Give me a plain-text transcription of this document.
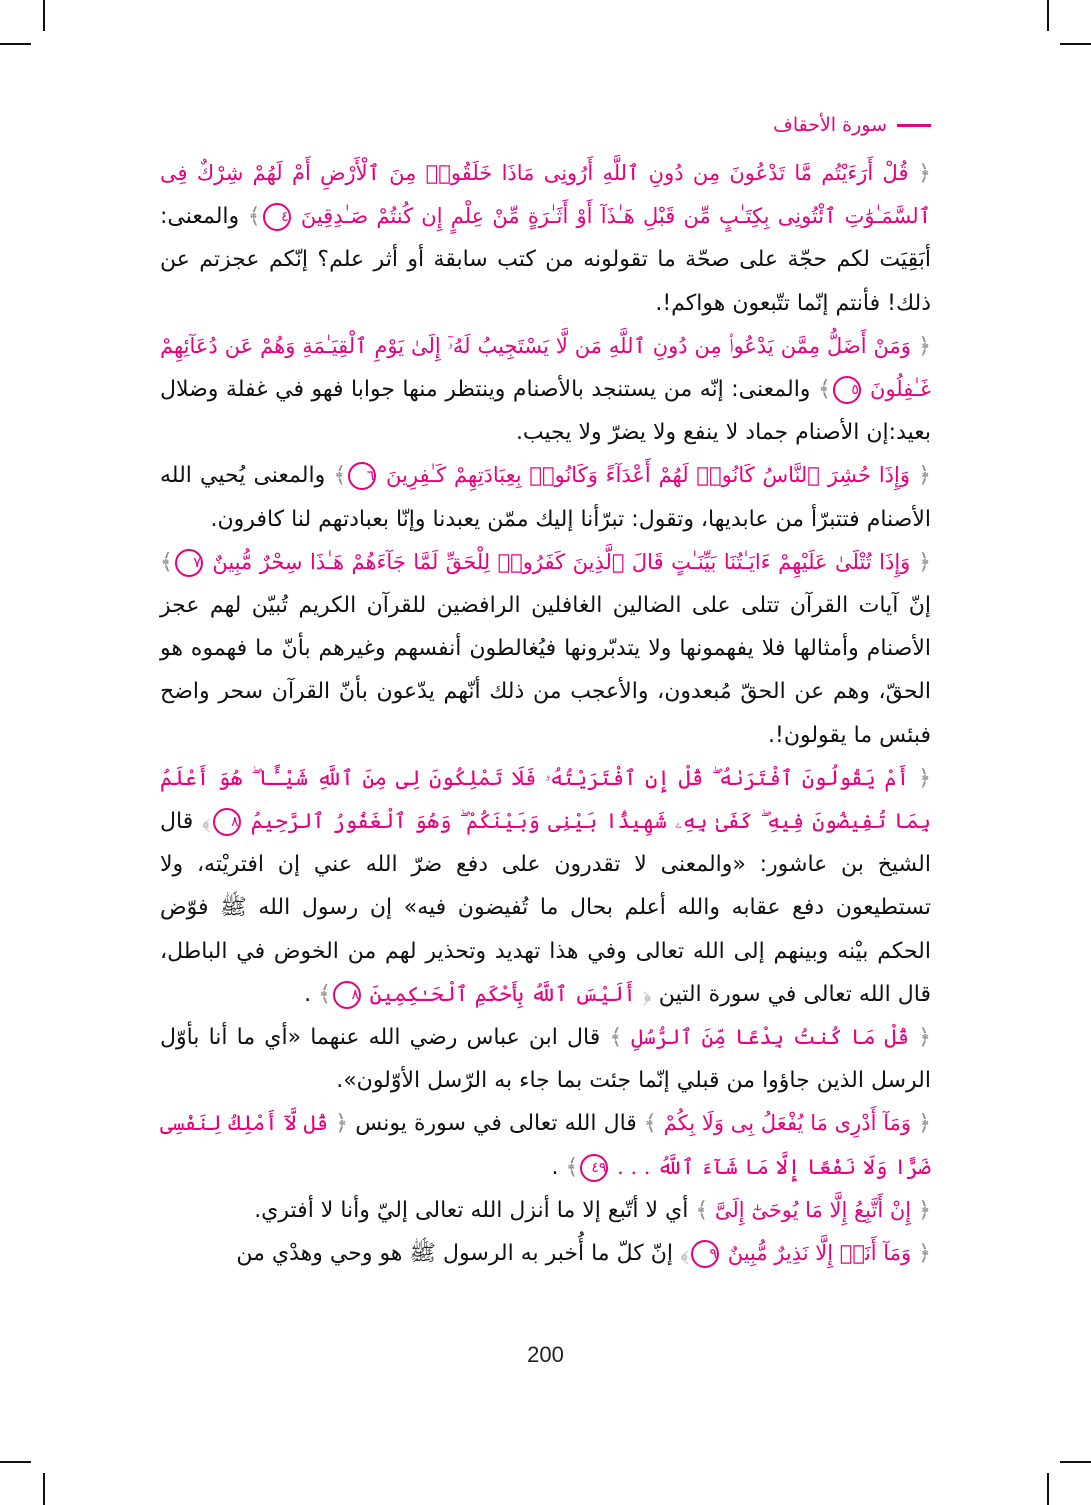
سورة الأحقاف

﴿ قُلْ أَرَءَيْتُم مَّا تَدْعُونَ مِن دُونِ ٱللَّهِ أَرُونِى مَاذَا خَلَقُوا۟ مِنَ ٱلْأَرْضِ أَمْ لَهُمْ شِرْكٌ فِى ٱلسَّمَـٰوَٰتِ ٱئْتُونِى بِكِتَـٰبٍ مِّن قَبْلِ هَـٰذَآ أَوْ أَثَـٰرَةٍ مِّنْ عِلْمٍ إِن كُنتُمْ صَـٰدِقِينَ ٤﴾ والمعنى: أبَقِيَت لكم حجّة على صحّة ما تقولونه من كتب سابقة أو أثر علم؟ إنّكم عجزتم عن ذلك! فأنتم إنّما تتّبعون هواكم!.

﴿ وَمَنْ أَضَلُّ مِمَّن يَدْعُوا۟ مِن دُونِ ٱللَّهِ مَن لَّا يَسْتَجِيبُ لَهُۥٓ إِلَىٰ يَوْمِ ٱلْقِيَـٰمَةِ وَهُمْ عَن دُعَآئِهِمْ غَـٰفِلُونَ ٥﴾ والمعنى: إنّه من يستنجد بالأصنام وينتظر منها جوابا فهو في غفلة وضلال بعيد:إن الأصنام جماد لا ينفع ولا يضرّ ولا يجيب.

﴿ وَإِذَا حُشِرَ ٱلنَّاسُ كَانُوا۟ لَهُمْ أَعْدَآءً وَكَانُوا۟ بِعِبَادَتِهِمْ كَـٰفِرِينَ ٦﴾ والمعنى يُحيي الله الأصنام فتتبرّأ من عابديها، وتقول: تبرّأنا إليك ممّن يعبدنا وإنّا بعبادتهم لنا كافرون.

﴿ وَإِذَا تُتْلَىٰ عَلَيْهِمْ ءَايَـٰتُنَا بَيِّنَـٰتٍ قَالَ ٱلَّذِينَ كَفَرُوا۟ لِلْحَقِّ لَمَّا جَآءَهُمْ هَـٰذَا سِحْرٌ مُّبِينٌ ٧﴾ إنّ آيات القرآن تتلى على الضالين الغافلين الرافضين للقرآن الكريم تُبيّن لهم عجز الأصنام وأمثالها فلا يفهمونها ولا يتدبّرونها فيُغالطون أنفسهم وغيرهم بأنّ ما فهموه هو الحقّ، وهم عن الحقّ مُبعدون، والأعجب من ذلك أنّهم يدّعون بأنّ القرآن سحر واضح فبئس ما يقولون!.

﴿ أَمْ يَقُولُونَ ٱفْتَرَىٰهُ ۖ قُلْ إِنِ ٱفْتَرَيْتُهُۥ فَلَا تَمْلِكُونَ لِى مِنَ ٱللَّهِ شَيْـًٔا ۖ هُوَ أَعْلَمُ بِمَا تُفِيضُونَ فِيهِ ۖ كَفَىٰ بِهِۦ شَهِيدًۢا بَيْنِى وَبَيْنَكُمْ ۖ وَهُوَ ٱلْغَفُورُ ٱلرَّحِيمُ ٨﴾ قال الشيخ بن عاشور: «والمعنى لا تقدرون على دفع ضرّ الله عني إن افتريْته، ولا تستطيعون دفع عقابه والله أعلم بحال ما تُفيضون فيه» إن رسول الله ﷺ فوّض الحكم بيْنه وبينهم إلى الله تعالى وفي هذا تهديد وتحذير لهم من الخوض في الباطل، قال الله تعالى في سورة التين ﴿ أَلَيْسَ ٱللَّهُ بِأَحْكَمِ ٱلْحَـٰكِمِينَ ٨﴾ .

﴿ قُلْ مَا كُنتُ بِدْعًا مِّنَ ٱلرُّسُلِ ﴾ قال ابن عباس رضي الله عنهما «أي ما أنا بأوّل الرسل الذين جاؤوا من قبلي إنّما جئت بما جاء به الرّسل الأوّلون».

﴿ وَمَآ أَدْرِى مَا يُفْعَلُ بِى وَلَا بِكُمْ ﴾ قال الله تعالى في سورة يونس ﴿ قُل لَّآ أَمْلِكُ لِنَفْسِى ضَرًّا وَلَا نَفْعًا إِلَّا مَا شَآءَ ٱللَّهُ . . . ٤٩﴾ .

﴿ إِنْ أَتَّبِعُ إِلَّا مَا يُوحَىٰٓ إِلَىَّ ﴾ أي لا أتّبع إلا ما أنزل الله تعالى إليّ وأنا لا أفتري.

﴿ وَمَآ أَنَا۠ إِلَّا نَذِيرٌ مُّبِينٌ ٩﴾ إنّ كلّ ما أُخبر به الرسول ﷺ هو وحي وهدْي من

200
